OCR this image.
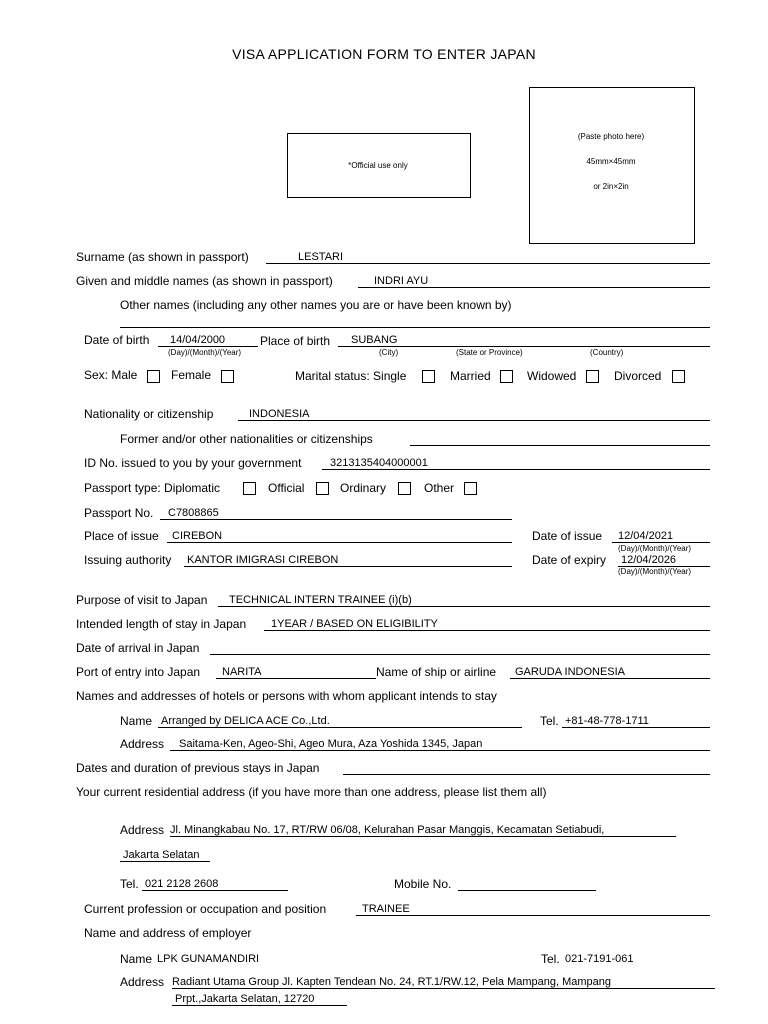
VISA APPLICATION FORM TO ENTER JAPAN
*Official use only
(Paste photo here)
45mm×45mm
or 2in×2in
Surname (as shown in passport)	LESTARI
Given and middle names (as shown in passport)	INDRI AYU
Other names (including any other names you are or have been known by)
Date of birth 14/04/2000
(Day)/(Month)/(Year)
Place of birth SUBANG
(City)	(State or Province)	(Country)
Sex: Male	Female	Marital status: Single	Married	Widowed	Divorced
Nationality or citizenship	INDONESIA
Former and/or other nationalities or citizenships
ID No. issued to you by your government	3213135404000001
Passport type: Diplomatic	Official	Ordinary	Other
Passport No. C7808865
Place of issue CIREBON	Date of issue 12/04/2021
(Day)/(Month)/(Year)
Issuing authority KANTOR IMIGRASI CIREBON	Date of expiry 12/04/2026
(Day)/(Month)/(Year)
Purpose of visit to Japan TECHNICAL INTERN TRAINEE (i)(b)
Intended length of stay in Japan 1YEAR / BASED ON ELIGIBILITY
Date of arrival in Japan
Port of entry into Japan NARITA	Name of ship or airline GARUDA INDONESIA
Names and addresses of hotels or persons with whom applicant intends to stay
Name Arranged by DELICA ACE Co.,Ltd.	Tel. +81-48-778-1711
Address Saitama-Ken, Ageo-Shi, Ageo Mura, Aza Yoshida 1345, Japan
Dates and duration of previous stays in Japan
Your current residential address (if you have more than one address, please list them all)
Address Jl. Minangkabau No. 17, RT/RW 06/08, Kelurahan Pasar Manggis, Kecamatan Setiabudi,
Jakarta Selatan
Tel. 021 2128 2608	Mobile No.
Current profession or occupation and position	TRAINEE
Name and address of employer
Name LPK GUNAMANDIRI	Tel. 021-7191-061
Address Radiant Utama Group Jl. Kapten Tendean No. 24, RT.1/RW.12, Pela Mampang, Mampang
Prpt.,Jakarta Selatan, 12720
